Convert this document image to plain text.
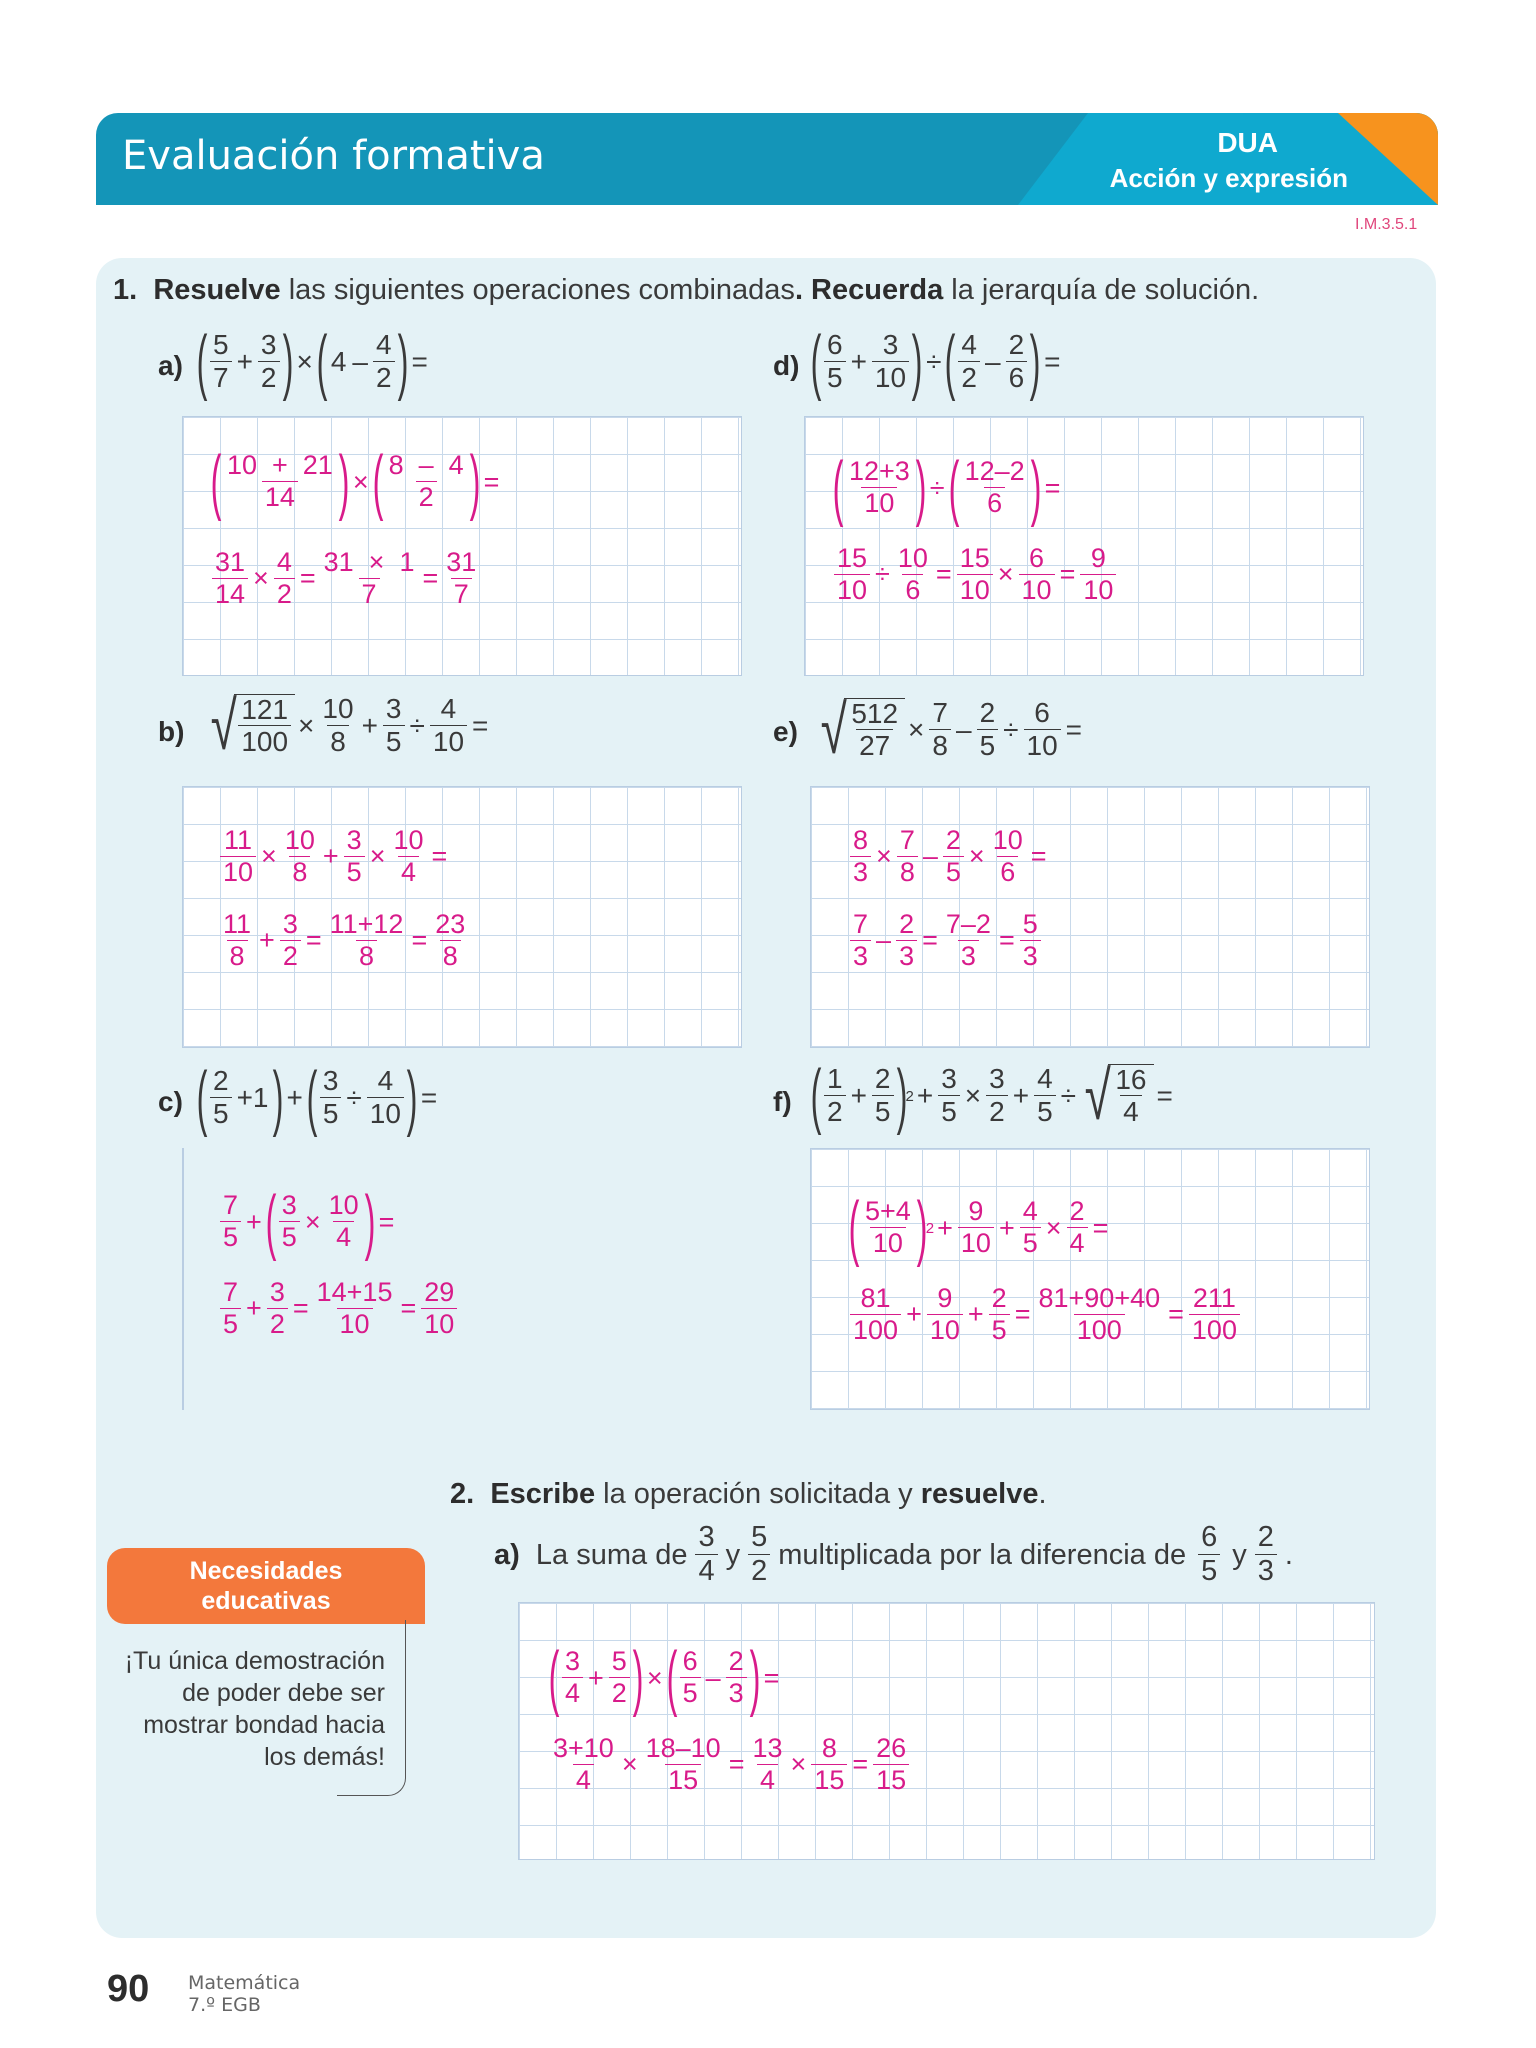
Evaluación formativa	DUA
Acción y expresión
I.M.3.5.1
1. Resuelve las siguientes operaciones combinadas. Recuerda la jerarquía de solución.
a) ( $\frac{5}{7} + \frac{3}{2}$ ) × ( $4 - \frac{4}{2}$ ) =
( $\frac{10 + 21}{14}$ ) × ( $\frac{8 - 4}{2}$ ) =
$\frac{31}{14} \times \frac{4}{2} = \frac{31 \times 1}{7} = \frac{31}{7}$
d) ( $\frac{6}{5} + \frac{3}{10}$ ) ÷ ( $\frac{4}{2} - \frac{2}{6}$ ) =
( $\frac{12+3}{10}$ ) ÷ ( $\frac{12-2}{6}$ ) =
$\frac{15}{10} \div \frac{10}{6} = \frac{15}{10} \times \frac{6}{10} = \frac{9}{10}$
b) √ $\frac{121}{100} \times \frac{10}{8} + \frac{3}{5} \div \frac{4}{10}$ =
$\frac{11}{10} \times \frac{10}{8} + \frac{3}{5} \times \frac{10}{4}$ =
$\frac{11}{8} + \frac{3}{2} = \frac{11+12}{8} = \frac{23}{8}$
e) √ $\frac{512}{27} \times \frac{7}{8} - \frac{2}{5} \div \frac{6}{10}$ =
$\frac{8}{3} \times \frac{7}{8} - \frac{2}{5} \times \frac{10}{6}$ =
$\frac{7}{3} - \frac{2}{3} = \frac{7-2}{3} = \frac{5}{3}$
c) ( $\frac{2}{5} +1$ ) + ( $\frac{3}{5} \div \frac{4}{10}$ ) =
$\frac{7}{5}$ + ( $\frac{3}{5} \times \frac{10}{4}$ ) =
$\frac{7}{5} + \frac{3}{2} = \frac{14+15}{10} = \frac{29}{10}$
f) ( $\frac{1}{2} + \frac{2}{5}$ )
$2 + \frac{3}{5} \times \frac{3}{2} + \frac{4}{5}$ ÷ √ $\frac{16}{4}$ =
( $\frac{5+4}{10}$ )
$2 + \frac{9}{10} + \frac{4}{5} \times \frac{2}{4}$ =
$\frac{81}{100} + \frac{9}{10} + \frac{2}{5} = \frac{81+90+40}{100} = \frac{211}{100}$
2. Escribe la operación solicitada y resuelve.
a)
La suma de $\frac{3}{4}$ y $\frac{5}{2}$ multiplicada por la diferencia de $\frac{6}{5}$ y $\frac{2}{3}$ .
( $\frac{3}{4} + \frac{5}{2}$ ) × ( $\frac{6}{5} - \frac{2}{3}$ ) =
$\frac{3+10}{4} \times \frac{18-10}{15} = \frac{13}{4} \times \frac{8}{15} = \frac{26}{15}$
Necesidades
educativas
¡Tu única demostración de poder debe ser mostrar bondad hacia los demás!
90 Matemática
7.º EGB
